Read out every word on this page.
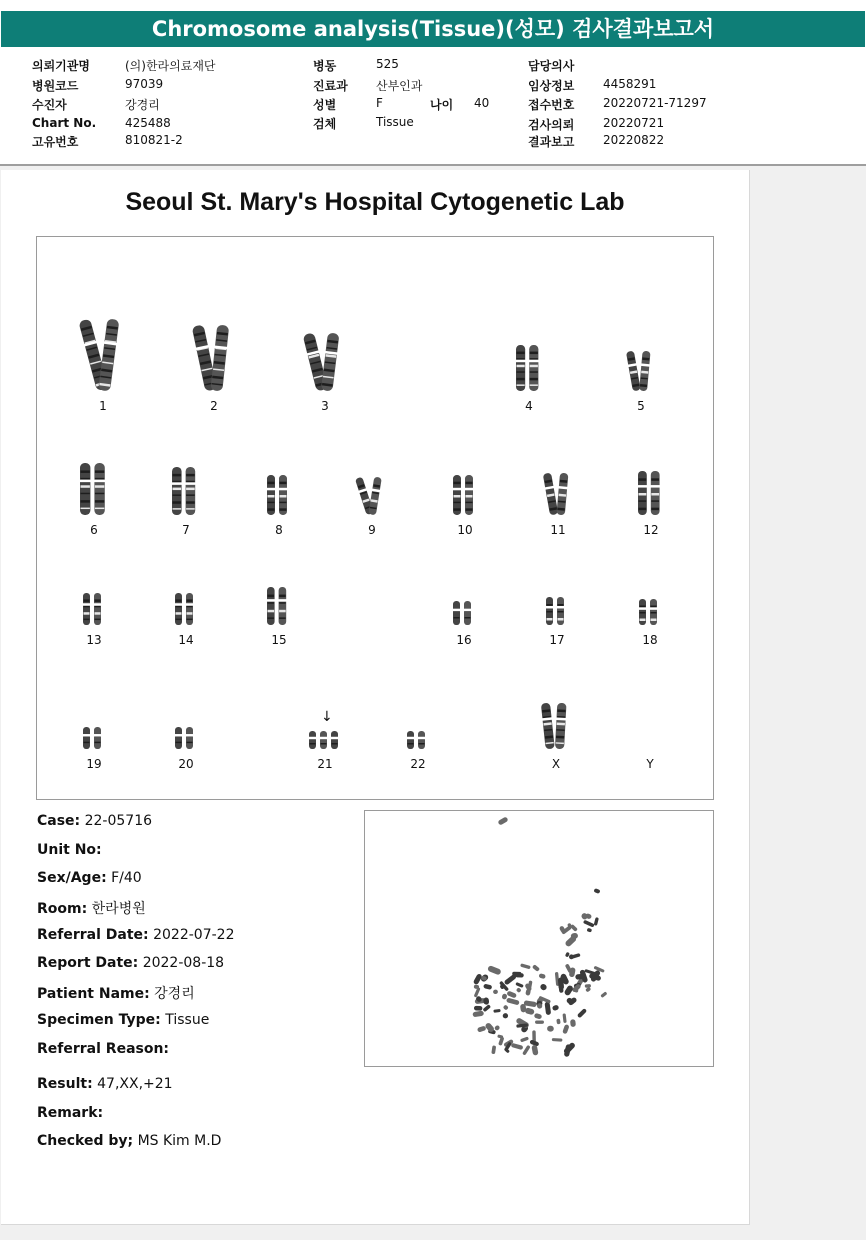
Chromosome analysis(Tissue)(성모) 검사결과보고서
의뢰기관명	(의)한라의료재단
병원코드	97039
수진자	강경리
Chart No. 425488
고유번호	810821-2
병동	525
진료과 산부인과
성별	F	나이 40
검체	Tissue
담당의사
임상정보 4458291
접수번호 20220721-71297
검사의뢰 20220721
결과보고 20220822
Seoul St. Mary's Hospital Cytogenetic Lab
↓
1	2	3	4	5
6	7	8	9	10	11	12
13	14	15	16	17	18
19	20	21	22	X	Y
Case: 22-05716
Unit No:
Sex/Age: F/40
Room: 한라병원
Referral Date: 2022-07-22
Report Date: 2022-08-18
Patient Name: 강경리
Specimen Type: Tissue
Referral Reason:
Result: 47,XX,+21
Remark:
Checked by; MS Kim M.D
